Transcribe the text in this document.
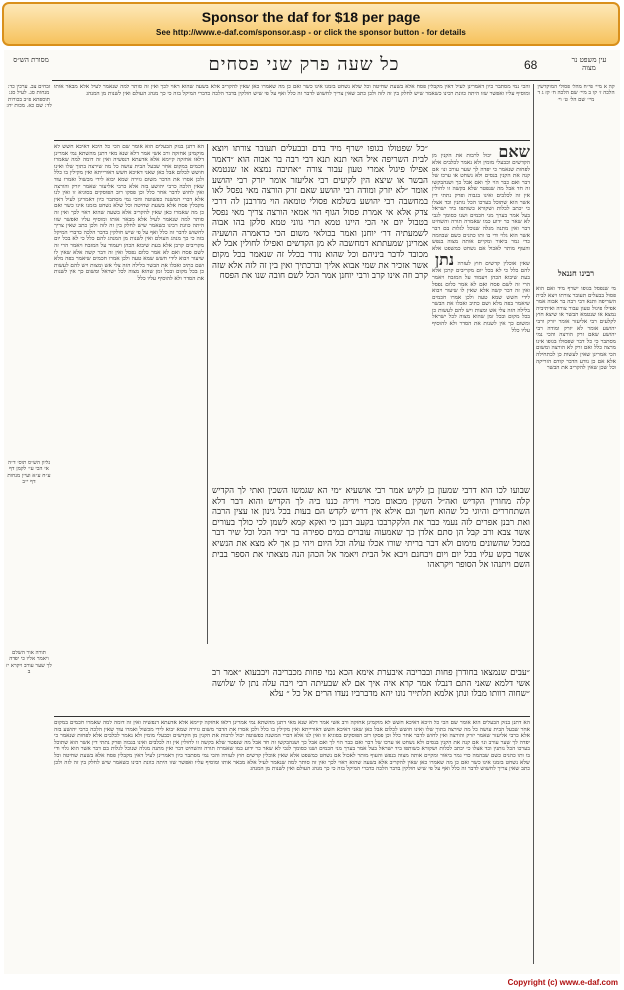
Sponsor the daf for $18 per page
See http://www.e-daf.com/sponsor.asp - or click the sponsor button - for details
מסורת הש״ס	כל שעה פרק שני פסחים	68	עין משפט נר מצוה
זבחים צב. ערכין כד: מנחות סג. לעיל סג: תוספתא פ״ב בכורות לד: שם כא. מכות יח:
גליון הש״ס תוס׳ ד״ה אי הכי עי׳ לקמן דף ע״ח ע״א ועיין מנחות דף י״ב
תורה אור השלם ויאמר אליו כי יפדה לך שער עורב ויקרא יז ב
והכי נמי מסתבר כיון דאמרינן לעיל דאין מקבלין פסח אלא בשעת שחיטה וכל שלא נשחט בזמנו אינו כשר ואם כן מה שאמרו כאן שאין להקריב אלא בשעה שהוא ראוי לכך ואין זה סותר למה שנאמר לעיל אלא מבאר אותו ומוסיף עליו ואפשר שזו היתה כוונת רבינו כשאמר שיש לחלק בין זה לזה ולכן כתב שאין צריך לחשוש לדבר זה כלל ואף על פי שיש חולקין בדבר הלכה כדברי המיקל בזה כי כך מנהג העולם ואין לשנות מן המנהג
הא דתנן בנזק הבעלים הוא אומר שם הכי כל היכא דאיכא חשש לא מוקמינן אחזקה ורב אשי אמר דלא שנא מאי דתנן מהשתא נמי אמרינן דלאו אחזקה קיימא אלא אדעתא דנפשיה ואין זה דומה למה שאמרו חכמים במקום אחר שבעל הבית עושה כל מה שירצה בתוך שלו ואינו חושש לכלום אבל כאן שאני דאיכא חשש דאורייתא ואין מקילין בו כלל ולכן אסרו את הדבר משום גזירה שמא יבוא לידי מכשול ואמרו עוד שאין הלכה כרבי יהושע בזה אלא כרבי אליעזר שאמר יזרק והורצה ואין לחוש לדבר אחר כלל וכן פסקו רוב הפוסקים בסוגיא זו ואין לנו אלא דברי המשנה כפשוטה והכי נמי מסתבר כיון דאמרינן לעיל דאין מקבלין פסח אלא בשעת שחיטה וכל שלא נשחט בזמנו אינו כשר ואם כן מה שאמרו כאן שאין להקריב אלא בשעה שהוא ראוי לכך ואין זה סותר למה שנאמר לעיל אלא מבאר אותו ומוסיף עליו ואפשר שזו היתה כוונת רבינו כשאמר שיש לחלק בין זה לזה ולכן כתב שאין צריך לחשוש לדבר זה כלל ואף על פי שיש חולקין בדבר הלכה כדברי המיקל בזה כי כך מנהג העולם ואין לשנות מן המנהג להם כלל כי לא בכל יום מקריבים קרבן אלא בעת שיבוא הכהן ויעמוד על המזבח ויאמר הרי זה לשם פסח ואם לא אמר כלום נפסל ואין זה דבר קשה אלא שאין לו שיעור ויבוא לידי חשש שמא טעה ולכן אמרו חכמים שיאמר בפה מלא ושם כתיב ואכלו את הבשר בלילה הזה צלי אש ומצות ויש להם לעשות כן בכל מקום ובכל זמן שהוא מצוה לכל ישראל ומשום כך אין לשנות את הסדר ולא להוסיף עליו כלל
״כל שפטולו בגופו ישרף מיד בדם ובבעלים תעובר צורתו ויוצא לבית השריפה איל האי תנא תנא דבי רבה בר אבוה הוא ״דאמר אפילו פיגול אמרי טעון עבור צורה ״אתיבה נמצא או שנטמא הבשר או שיצא הין לקיעים רבי אליעזר אומר יזרק רבי יהושע אומר ״לא יזרק ומודה רבי יהושע שאם זרק הורצה מאי נפסל לאו במחשבה רבי יהושע בשלמא פסולי טומאה הוי מדרבנן לה דרכי צדק אלא אי אמרת פסול הגוף הוי אמאי הורצה צריך מאי נפסל בטבול יום אי הכי היינו טמא תרי גווני טמא סלקן בהו אבוה לשמעתיה דר׳ יוחנן ואמר בכולאי משום הכי כדאמרה הושעיה אמרינן שמעתתא דמחשבה לא מן הקדשים ואפילו לחולין אבל לא מכובד לדבר ביניהם וכל שהוא נודר בכלל זה שנאמר בכל מקום אשר אזכיר את שמי אבוא אליך וברכתיך ואין בין זה לזה אלא שזה קרב וזה אינו קרב ורבי יוחנן אמר הכל לשם חובה שנו את הפסח
שבועו לכו הוא דרבי שמעון בן לקיש אמר רבי אושעיא ״מי הא שגמשו השכין ואתי לך הקדיש קלה מחורין הקדיש ואה״ל השקין מכאום מכרי ויריה כננו ביה לך הקדיש והוא דבר דלא השתחררים והיוגי כל שהוא חשך וגם אילא אין דריש לקדש הם בעות בכל גינון או עצין הרבה ואת רבנן אפרים לזה נעמי כבר את הלקקרבכו בקעב רבנן כי ואקא קמא לשמן לכי כולך בעורים אשר צבא ורב קבל הן סתם אלדן כך שאמעוה עוברים במים ספירה בר יביר הכל וכל שיר דבר במכל שהשונים מימום ולא דבר בריתי שורו אכלו עולה וכל היום ויהי כן אך לא מצא את הנשיא אשר בקש עליו בכל יום ויום ויבחנם ויבא אל הבית ויאמר אל הכהן הנה מצאתי את הספר בבית השם ויתנהו אל הסופר ויקראהו
״עבים שנמצאו בחודרן פחות ובבריבה איבערת אימא הכא נמי פחות מכבריבה ויבבעוא ״אמר רב אשי דלמא שאני התם דנבלו אמר קרא איה איך אם לא שבעיתה רבי ויבה עלה נתן לו שלושה ״שחוה רוותו מבלו ונתן אלמא תלתייר נונו יהא מדברביו נעדו הרים אל כל ״ עלא
שאם יכול לרבות את הקנין מן הקדשים וכבעלי מומין ולא נאמר לכלבים אלא לפחות שנאמר כי יפדה לך שער עורב ונו׳ אם קנה את הקנין בנסים ולא נשחט או ערכו של דבר ואם כבר הוי לך ואם אבל כך ושנהבקשו זה חד אבל מה שנפטר שלא בקשה זו לחולין אין זה לכלבים ואינו בגבוה ופרק נתתי דין אשר הוא שתוכל בערכו הכל נותנין וכד אצלו כי יכתב לכלות ושקורא כשותפו ביד ישראל בעל אמר בערך מני חכמים ושנו כסומך לגבי לא שאר כר ידוע כמו שאמרה תורה והשחיט דבר ואין מתנה מגלה שנוכל לגלות בם דבר אשר הוא גלוי ודי בו ותו כהנים כשם שבהמה כדי גמר ביאור ומקיים אותה מצוה בנפש והעוף מותר לאכול אם נשחט כמשפט אלא שאין אוכלין קדשים חוץ לעזרה נתן להם כלל כי לא בכל יום מקריבים קרבן אלא בעת שיבוא הכהן ויעמוד על המזבח ויאמר הרי זה לשם פסח ואם לא אמר כלום נפסל ואין זה דבר קשה אלא שאין לו שיעור ויבוא לידי חשש שמא טעה ולכן אמרו חכמים שיאמר בפה מלא ושם כתיב ואכלו את הבשר בלילה הזה צלי אש ומצות ויש להם לעשות כן בכל מקום ובכל זמן שהוא מצוה לכל ישראל ומשום כך אין לשנות את הסדר ולא להוסיף עליו כלל
הא דתנן בנזק הבעלים הוא אומר שם הכי כל היכא דאיכא חשש לא מוקמינן אחזקה ורב אשי אמר דלא שנא מאי דתנן מהשתא נמי אמרינן דלאו אחזקה קיימא אלא אדעתא דנפשיה ואין זה דומה למה שאמרו חכמים במקום אחר שבעל הבית עושה כל מה שירצה בתוך שלו ואינו חושש לכלום אבל כאן שאני דאיכא חשש דאורייתא ואין מקילין בו כלל ולכן אסרו את הדבר משום גזירה שמא יבוא לידי מכשול ואמרו עוד שאין הלכה כרבי יהושע בזה אלא כרבי אליעזר שאמר יזרק והורצה ואין לחוש לדבר אחר כלל וכן פסקו רוב הפוסקים בסוגיא זו ואין לנו אלא דברי המשנה כפשוטה יכול לרבות את הקנין מן הקדשים וכבעלי מומין ולא נאמר לכלבים אלא לפחות שנאמר כי יפדה לך שער עורב ונו׳ אם קנה את הקנין בנסים ולא נשחט או ערכו של דבר ואם כבר הוי לך ואם אבל כך ושנהבקשו זה חד אבל מה שנפטר שלא בקשה זו לחולין אין זה לכלבים ואינו בגבוה ופרק נתתי דין אשר הוא שתוכל בערכו הכל נותנין וכד אצלו כי יכתב לכלות ושקורא כשותפו ביד ישראל בעל אמר בערך מני חכמים ושנו כסומך לגבי לא שאר כר ידוע כמו שאמרה תורה והשחיט דבר ואין מתנה מגלה שנוכל לגלות בם דבר אשר הוא גלוי ודי בו ותו כהנים כשם שבהמה כדי גמר ביאור ומקיים אותה מצוה בנפש והעוף מותר לאכול אם נשחט כמשפט אלא שאין אוכלין קדשים חוץ לעזרה והכי נמי מסתבר כיון דאמרינן לעיל דאין מקבלין פסח אלא בשעת שחיטה וכל שלא נשחט בזמנו אינו כשר ואם כן מה שאמרו כאן שאין להקריב אלא בשעה שהוא ראוי לכך ואין זה סותר למה שנאמר לעיל אלא מבאר אותו ומוסיף עליו ואפשר שזו היתה כוונת רבינו כשאמר שיש לחלק בין זה לזה ולכן כתב שאין צריך לחשוש לדבר זה כלל ואף על פי שיש חולקין בדבר הלכה כדברי המיקל בזה כי כך מנהג העולם ואין לשנות מן המנהג
קה א מיי׳ פי״ח מהל׳ פסולי המוקדשין הלכה ז׳ קו ב מיי׳ שם הלכה ח׳ קז ג ד מיי׳ שם הל׳ ט׳ וי׳
רבינו חננאל
מי שנפסל בגופו ישרף מיד ואם הוא פסול בבעלים תעובר צורתו ויצא לבית השריפה ותנא דבי רבה בר אבוה אמר אפילו פיגול טעון עבור צורה ואיתיביה נמצא או שנטמא הבשר או שיצא חוץ לקלעים רבי אליעזר אומר יזרק ורבי יהושע אומר לא יזרק ומודה רבי יהושע שאם זרק הורצה והכי נמי מסתבר כי כל דבר שפסולו בגופו אינו מרצה כלל ואם זרק לא הורצה ומשום הכי אמרינן שאין לעשות כן לכתחילה אלא אם כן נודע הדבר קודם הזריקה וכל שכן שאין להקריב את הבשר
Copyright (c) www.e-daf.com
